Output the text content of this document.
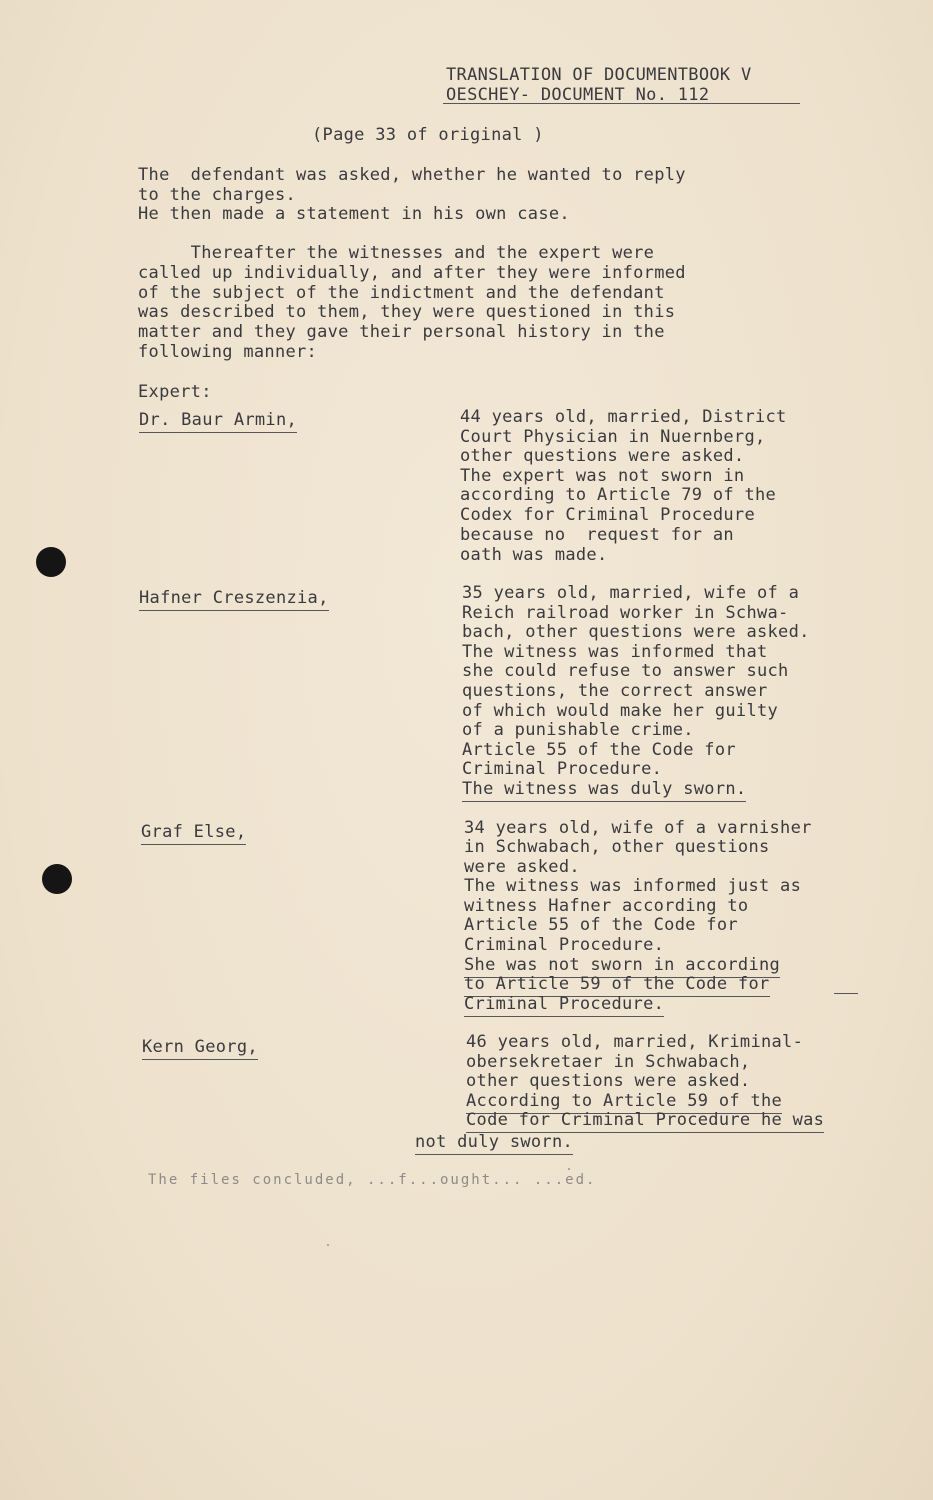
TRANSLATION OF DOCUMENTBOOK V
OESCHEY- DOCUMENT No. 112
(Page 33 of original )
The  defendant was asked, whether he wanted to reply
to the charges.
He then made a statement in his own case.
Thereafter the witnesses and the expert were
called up individually, and after they were informed
of the subject of the indictment and the defendant
was described to them, they were questioned in this
matter and they gave their personal history in the
following manner:
Expert:
Dr. Baur Armin,	44 years old, married, District
Court Physician in Nuernberg,
other questions were asked.
The expert was not sworn in
according to Article 79 of the
Codex for Criminal Procedure
because no  request for an
oath was made.
Hafner Creszenzia,	35 years old, married, wife of a
Reich railroad worker in Schwa-
bach, other questions were asked.
The witness was informed that
she could refuse to answer such
questions, the correct answer
of which would make her guilty
of a punishable crime.
Article 55 of the Code for
Criminal Procedure.
The witness was duly sworn.
Graf Else,	34 years old, wife of a varnisher
in Schwabach, other questions
were asked.
The witness was informed just as
witness Hafner according to
Article 55 of the Code for
Criminal Procedure.
She was not sworn in according
to Article 59 of the Code for
Criminal Procedure.
Kern Georg,	46 years old, married, Kriminal-
obersekretaer in Schwabach,
other questions were asked.
According to Article 59 of the
Code for Criminal Procedure he was
not duly sworn.
The files concluded, ...f...ought... ...ed.
